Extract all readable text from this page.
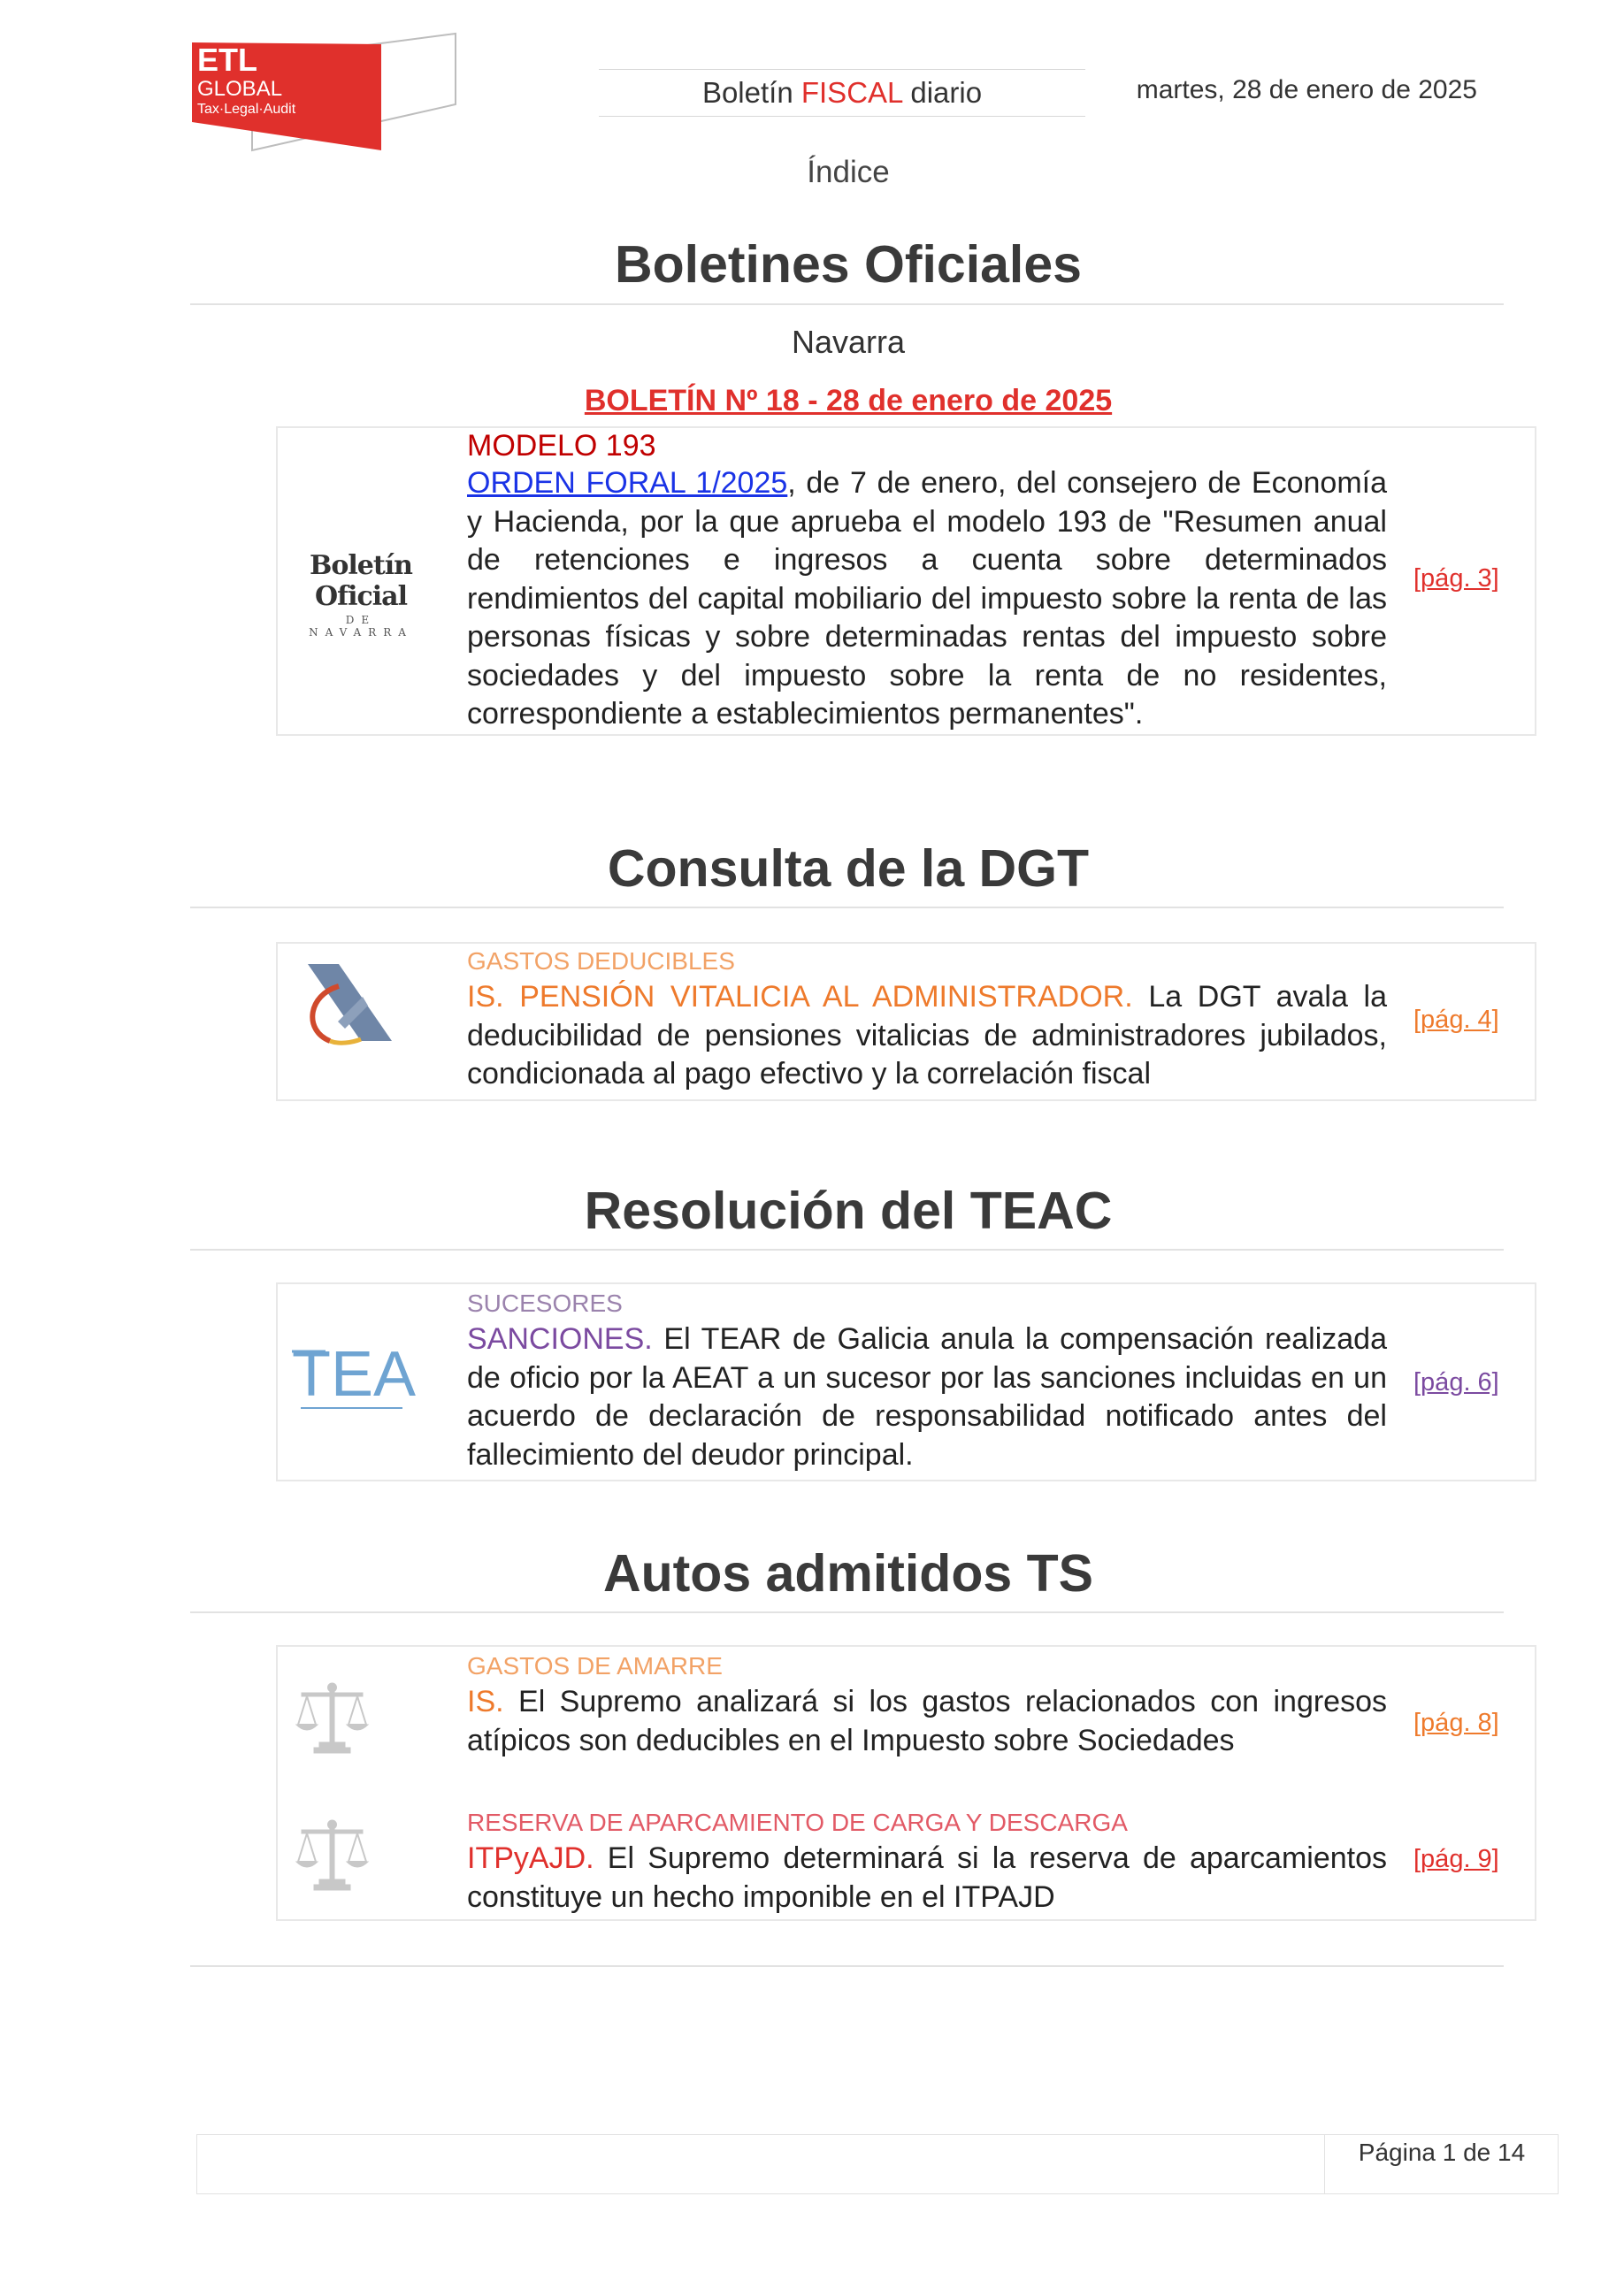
ETL
GLOBAL
Tax·Legal·Audit
Boletín FISCAL diario	martes, 28 de enero de 2025
Índice
Boletines Oficiales
Navarra
BOLETÍN Nº 18 - 28 de enero de 2025
Boletín Oficial
DE NAVARRA
MODELO 193
ORDEN FORAL 1/2025, de 7 de enero, del consejero de Economía y Hacienda, por la que aprueba el modelo 193 de "Resumen anual de retenciones e ingresos a cuenta sobre determinados rendimientos del capital mobiliario del impuesto sobre la renta de las personas físicas y sobre determinadas rentas del impuesto sobre sociedades y del impuesto sobre la renta de no residentes, correspondiente a establecimientos permanentes".
[pág. 3]
Consulta de la DGT
GASTOS DEDUCIBLES
IS. PENSIÓN VITALICIA AL ADMINISTRADOR. La DGT avala la deducibilidad de pensiones vitalicias de administradores jubilados, condicionada al pago efectivo y la correlación fiscal
[pág. 4]
Resolución del TEAC
TEA
SUCESORES
SANCIONES. El TEAR de Galicia anula la compensación realizada de oficio por la AEAT a un sucesor por las sanciones incluidas en un acuerdo de declaración de responsabilidad notificado antes del fallecimiento del deudor principal.
[pág. 6]
Autos admitidos TS
GASTOS DE AMARRE
IS. El Supremo analizará si los gastos relacionados con ingresos atípicos son deducibles en el Impuesto sobre Sociedades
[pág. 8]
RESERVA DE APARCAMIENTO DE CARGA Y DESCARGA
ITPyAJD. El Supremo determinará si la reserva de aparcamientos constituye un hecho imponible en el ITPAJD
[pág. 9]
Página 1 de 14
